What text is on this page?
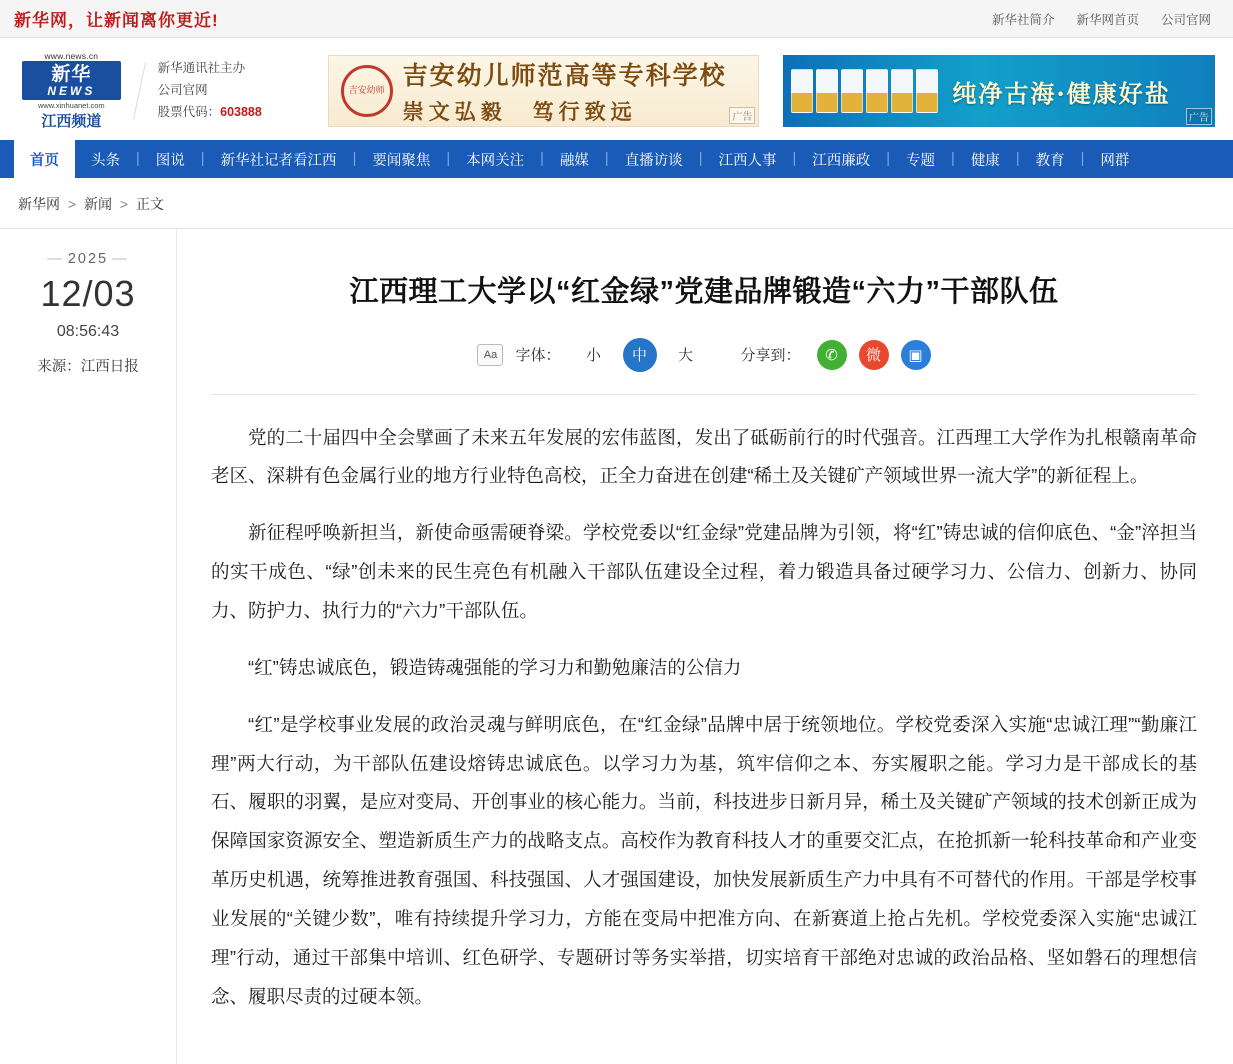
新华网，让新闻离你更近!	新华社简介 新华网首页 公司官网
www.news.cn
新华
NEWS
www.xinhuanet.com
江西频道
新华通讯社主办
公司官网
股票代码：603888
吉安幼师
吉安幼儿师范高等专科学校
崇文弘毅　笃行致远	广告
纯净古海·健康好盐
广告
首页	头条	|	图说	|	新华社记者看江西	|	要闻聚焦	|	本网关注	|	融媒	|	直播访谈	|	江西人事	|	江西廉政	|	专题	|	健康	|	教育	|	网群
新华网 > 新闻 > 正文
— 2025 —
12/03
08:56:43
来源：江西日报
江西理工大学以“红金绿”党建品牌锻造“六力”干部队伍
Aa	字体：	小	中	大	分享到：	✆	微	▣

党的二十届四中全会擘画了未来五年发展的宏伟蓝图，发出了砥砺前行的时代强音。江西理工大学作为扎根赣南革命老区、深耕有色金属行业的地方行业特色高校，正全力奋进在创建“稀土及关键矿产领域世界一流大学”的新征程上。

新征程呼唤新担当，新使命亟需硬脊梁。学校党委以“红金绿”党建品牌为引领，将“红”铸忠诚的信仰底色、“金”淬担当的实干成色、“绿”创未来的民生亮色有机融入干部队伍建设全过程，着力锻造具备过硬学习力、公信力、创新力、协同力、防护力、执行力的“六力”干部队伍。

“红”铸忠诚底色，锻造铸魂强能的学习力和勤勉廉洁的公信力

“红”是学校事业发展的政治灵魂与鲜明底色，在“红金绿”品牌中居于统领地位。学校党委深入实施“忠诚江理”“勤廉江理”两大行动，为干部队伍建设熔铸忠诚底色。以学习力为基，筑牢信仰之本、夯实履职之能。学习力是干部成长的基石、履职的羽翼，是应对变局、开创事业的核心能力。当前，科技进步日新月异，稀土及关键矿产领域的技术创新正成为保障国家资源安全、塑造新质生产力的战略支点。高校作为教育科技人才的重要交汇点，在抢抓新一轮科技革命和产业变革历史机遇，统筹推进教育强国、科技强国、人才强国建设，加快发展新质生产力中具有不可替代的作用。干部是学校事业发展的“关键少数”，唯有持续提升学习力，方能在变局中把准方向、在新赛道上抢占先机。学校党委深入实施“忠诚江理”行动，通过干部集中培训、红色研学、专题研讨等务实举措，切实培育干部绝对忠诚的政治品格、坚如磐石的理想信念、履职尽责的过硬本领。
